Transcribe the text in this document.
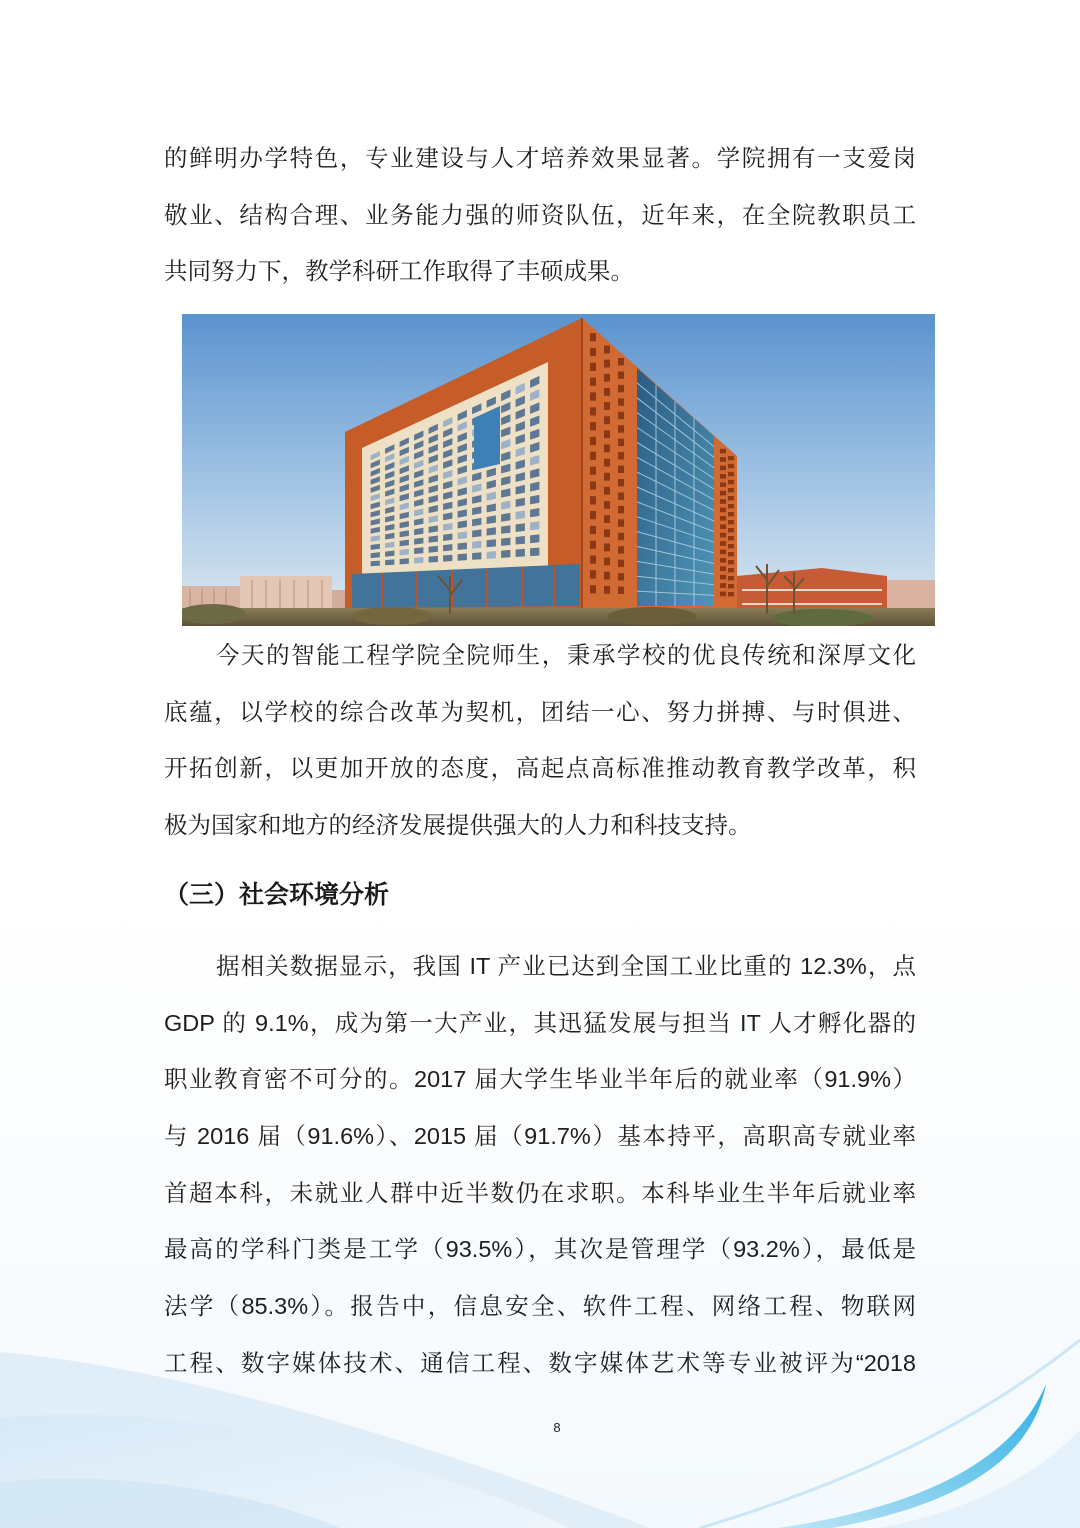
的鲜明办学特色，专业建设与人才培养效果显著。学院拥有一支爱岗
敬业、结构合理、业务能力强的师资队伍，近年来，在全院教职员工
共同努力下，教学科研工作取得了丰硕成果。
今天的智能工程学院全院师生，秉承学校的优良传统和深厚文化
底蕴，以学校的综合改革为契机，团结一心、努力拼搏、与时俱进、
开拓创新，以更加开放的态度，高起点高标准推动教育教学改革，积
极为国家和地方的经济发展提供强大的人力和科技支持。
（三）社会环境分析
据相关数据显示，我国 IT 产业已达到全国工业比重的 12.3%，点
GDP 的 9.1%，成为第一大产业，其迅猛发展与担当 IT 人才孵化器的
职业教育密不可分的。2017 届大学生毕业半年后的就业率（91.9%）
与 2016 届（91.6%）、2015 届（91.7%）基本持平，高职高专就业率
首超本科，未就业人群中近半数仍在求职。本科毕业生半年后就业率
最高的学科门类是工学（93.5%），其次是管理学（93.2%），最低是
法学（85.3%）。报告中，信息安全、软件工程、网络工程、物联网
工程、数字媒体技术、通信工程、数字媒体艺术等专业被评为“2018
8
